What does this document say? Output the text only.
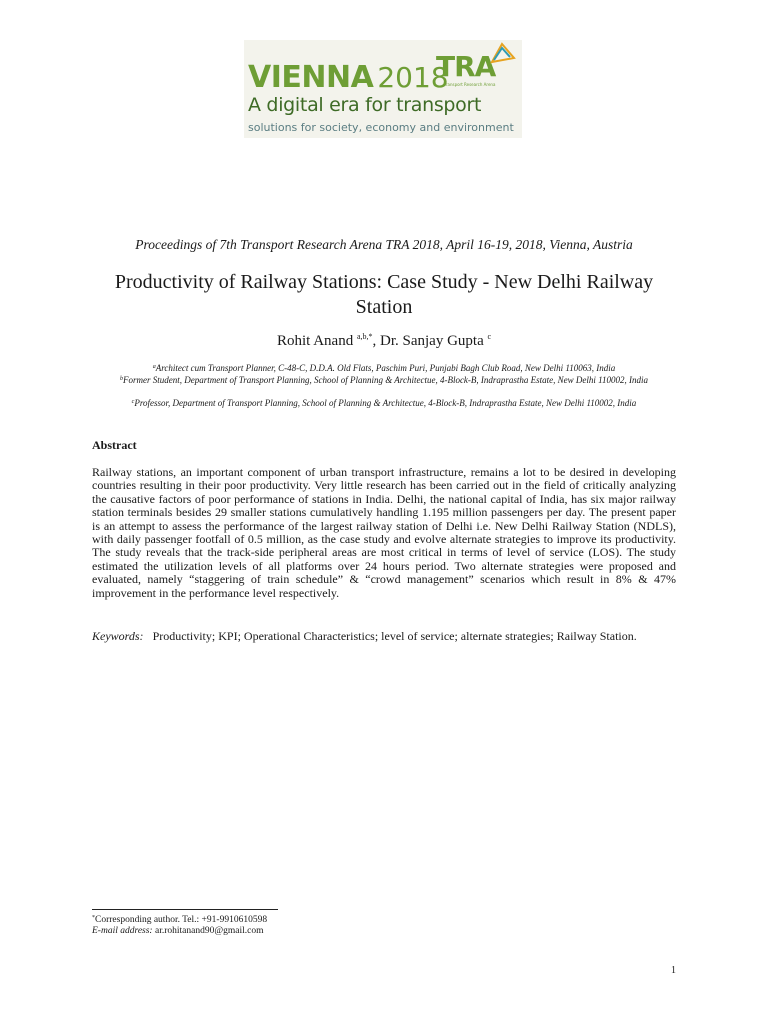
VIENNA 2018
TRA
Transport Research Arena
A digital era for transport
solutions for society, economy and environment
Proceedings of 7th Transport Research Arena TRA 2018, April 16-19, 2018, Vienna, Austria
Productivity of Railway Stations: Case Study - New Delhi Railway Station
Rohit Anand $^{a,b,*}$, Dr. Sanjay Gupta $^c$
$^a$Architect cum Transport Planner, C-48-C, D.D.A. Old Flats, Paschim Puri, Punjabi Bagh Club Road, New Delhi 110063, India
$^b$Former Student, Department of Transport Planning, School of Planning & Architectue, 4-Block-B, Indraprastha Estate, New Delhi 110002, India
$^c$Professor, Department of Transport Planning, School of Planning & Architectue, 4-Block-B, Indraprastha Estate, New Delhi 110002, India
Abstract
Railway stations, an important component of urban transport infrastructure, remains a lot to be desired in developing countries resulting in their poor productivity. Very little research has been carried out in the field of critically analyzing the causative factors of poor performance of stations in India. Delhi, the national capital of India, has six major railway station terminals besides 29 smaller stations cumulatively handling 1.195 million passengers per day. The present paper is an attempt to assess the performance of the largest railway station of Delhi i.e. New Delhi Railway Station (NDLS), with daily passenger footfall of 0.5 million, as the case study and evolve alternate strategies to improve its productivity. The study reveals that the track-side peripheral areas are most critical in terms of level of service (LOS). The study estimated the utilization levels of all platforms over 24 hours period. Two alternate strategies were proposed and evaluated, namely “staggering of train schedule” & “crowd management” scenarios which result in 8% & 47% improvement in the performance level respectively.
Keywords: Productivity; KPI; Operational Characteristics; level of service; alternate strategies; Railway Station.
*Corresponding author. Tel.: +91-9910610598
E-mail address: ar.rohitanand90@gmail.com
1
